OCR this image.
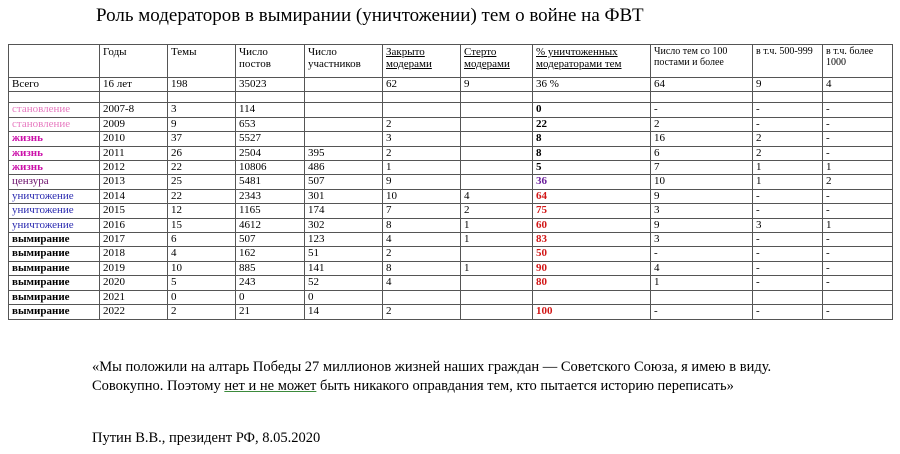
Роль модераторов в вымирании (уничтожении) тем о войне на ФВТ
	Годы	Темы	Число постов	Число участников	Закрыто модерами	Стерто модерами	% уничтоженных модераторами тем	Число тем со 100 постами и более	в т.ч. 500-999	в т.ч. более 1000
Всего	16 лет	198	35023		62	9	36 %	64	9	4

становление	2007-8	3	114				0	-	-	-
становление	2009	9	653		2		22	2	-	-
жизнь	2010	37	5527		3		8	16	2	-
жизнь	2011	26	2504	395	2		8	6	2	-
жизнь	2012	22	10806	486	1		5	7	1	1
цензура	2013	25	5481	507	9		36	10	1	2
уничтожение	2014	22	2343	301	10	4	64	9	-	-
уничтожение	2015	12	1165	174	7	2	75	3	-	-
уничтожение	2016	15	4612	302	8	1	60	9	3	1
вымирание	2017	6	507	123	4	1	83	3	-	-
вымирание	2018	4	162	51	2		50	-	-	-
вымирание	2019	10	885	141	8	1	90	4	-	-
вымирание	2020	5	243	52	4		80	1	-	-
вымирание	2021	0	0	0						
вымирание	2022	2	21	14	2		100	-	-	-
«Мы положили на алтарь Победы 27 миллионов жизней наших граждан — Советского Союза, я имею в виду. Совокупно. Поэтому нет и не может быть никакого оправдания тем, кто пытается историю переписать»
Путин В.В., президент РФ, 8.05.2020
